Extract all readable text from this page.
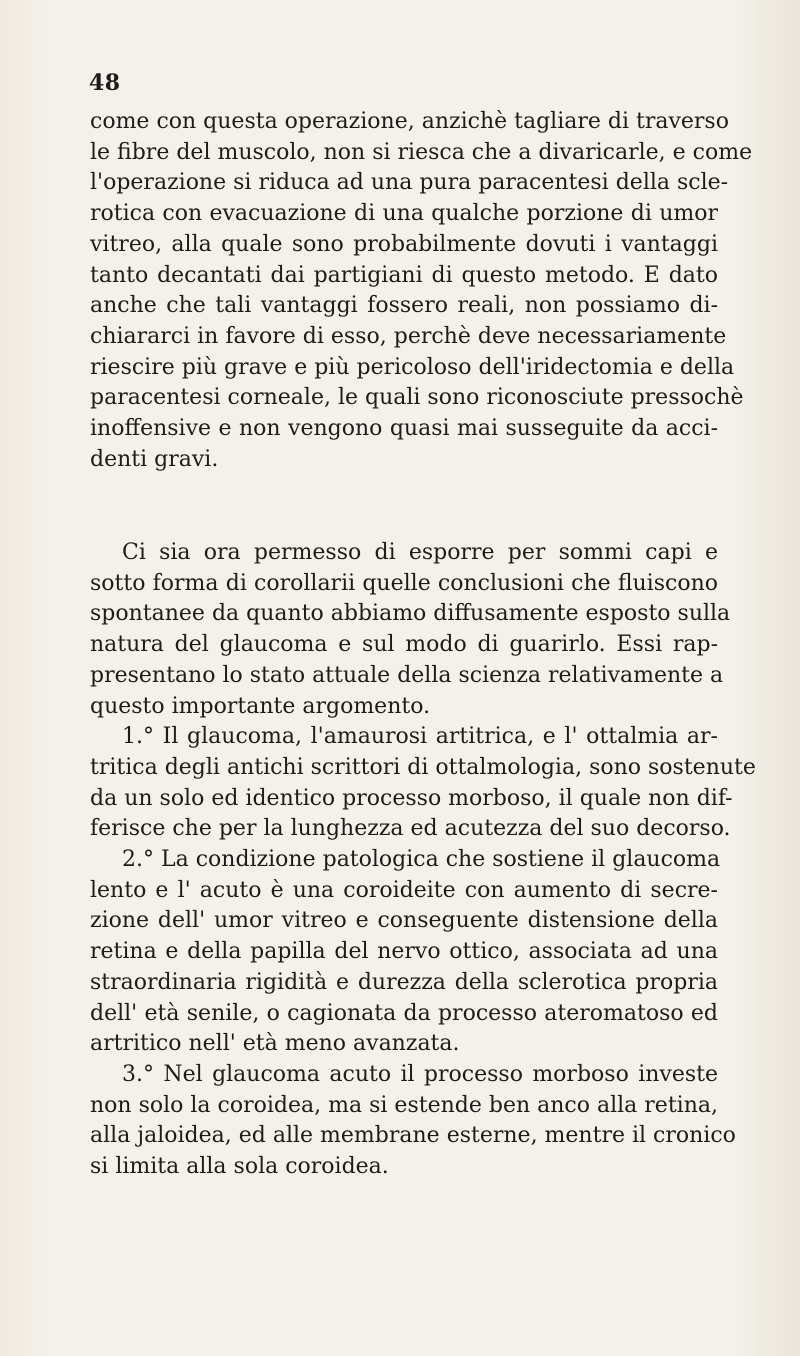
48
come con questa operazione, anzichè tagliare di traverso
le fibre del muscolo, non si riesca che a divaricarle, e come
l'operazione si riduca ad una pura paracentesi della scle-
rotica con evacuazione di una qualche porzione di umor
vitreo, alla quale sono probabilmente dovuti i vantaggi
tanto decantati dai partigiani di questo metodo. E dato
anche che tali vantaggi fossero reali, non possiamo di-
chiararci in favore di esso, perchè deve necessariamente
riescire più grave e più pericoloso dell'iridectomia e della
paracentesi corneale, le quali sono riconosciute pressochè
inoffensive e non vengono quasi mai susseguite da acci-
denti gravi.
Ci sia ora permesso di esporre per sommi capi e
sotto forma di corollarii quelle conclusioni che fluiscono
spontanee da quanto abbiamo diffusamente esposto sulla
natura del glaucoma e sul modo di guarirlo. Essi rap-
presentano lo stato attuale della scienza relativamente a
questo importante argomento.
1.° Il glaucoma, l'amaurosi artitrica, e l' ottalmia ar-
tritica degli antichi scrittori di ottalmologia, sono sostenute
da un solo ed identico processo morboso, il quale non dif-
ferisce che per la lunghezza ed acutezza del suo decorso.
2.° La condizione patologica che sostiene il glaucoma
lento e l' acuto è una coroideite con aumento di secre-
zione dell' umor vitreo e conseguente distensione della
retina e della papilla del nervo ottico, associata ad una
straordinaria rigidità e durezza della sclerotica propria
dell' età senile, o cagionata da processo ateromatoso ed
artritico nell' età meno avanzata.
3.° Nel glaucoma acuto il processo morboso investe
non solo la coroidea, ma si estende ben anco alla retina,
alla jaloidea, ed alle membrane esterne, mentre il cronico
si limita alla sola coroidea.
